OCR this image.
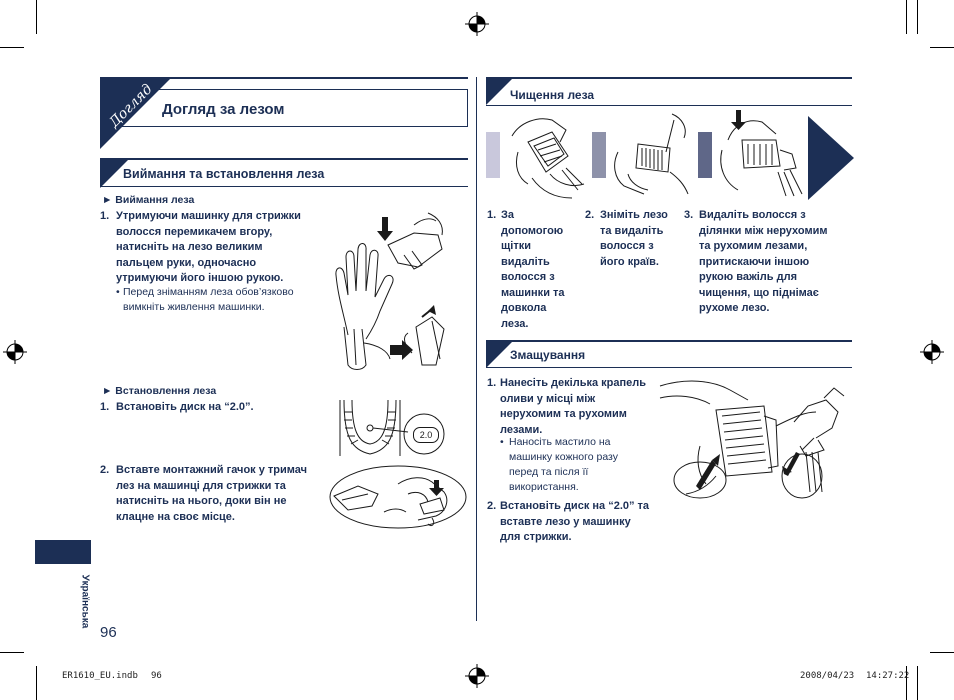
Догляд Догляд за лезом
Виймання та встановлення леза
► Виймання леза
1. Утримуючи машинку для стрижки
волосся перемикачем вгору,
натисніть на лезо великим
пальцем руки, одночасно
утримуючи його іншою рукою.
• Перед зніманням леза обов’язково
вимкніть живлення машинки.
► Встановлення леза
1. Встановіть диск на “2.0”.
2.0
2. Вставте монтажний гачок у тримач
лез на машинці для стрижки та
натисніть на нього, доки він не
клацне на своє місце.
Чищення леза
1. За
допомогою
щітки
видаліть
волосся з
машинки та
довкола
леза.
2. Зніміть лезо
та видаліть
волосся з
його країв.
3. Видаліть волосся з
ділянки між нерухомим
та рухомим лезами,
притискаючи іншою
рукою важіль для
чищення, що піднімає
рухоме лезо.
Змащування
1. Нанесіть декілька крапель
оливи у місці між
нерухомим та рухомим
лезами.
• Наносіть мастило на
машинку кожного разу
перед та після її
використання.
2. Встановіть диск на “2.0” та
вставте лезо у машинку
для стрижки.
Українська
96
ER1610_EU.indb 96	2008/04/23 14:27:22
